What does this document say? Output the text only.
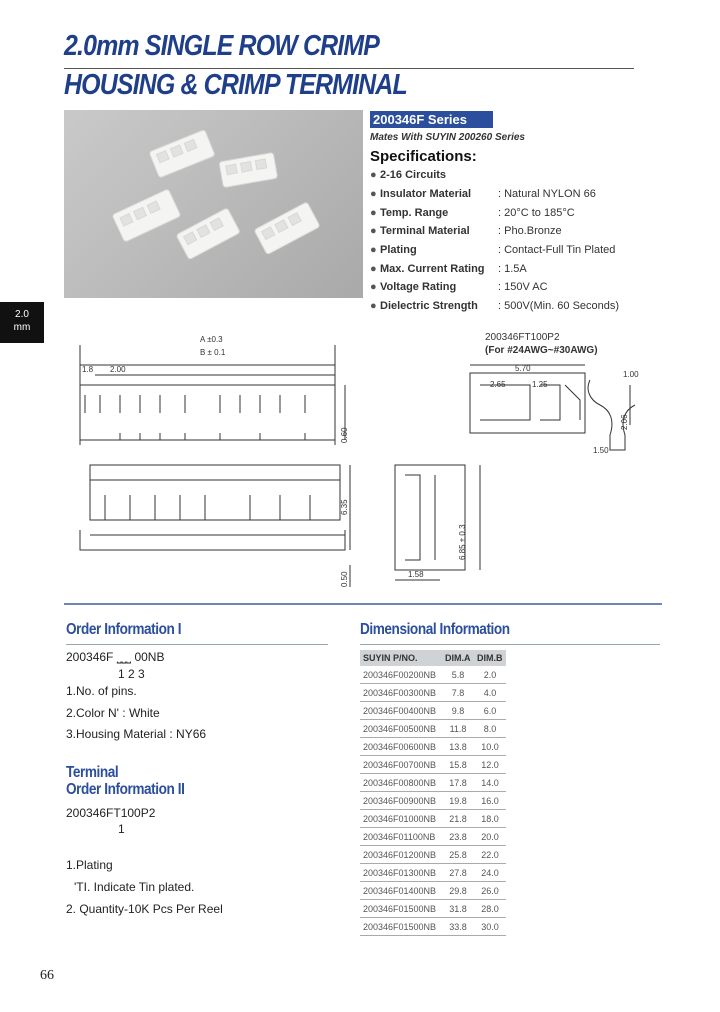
2.0mm SINGLE ROW CRIMP
HOUSING & CRIMP TERMINAL
200346F Series
Mates With SUYIN 200260 Series
Specifications:
● 2-16 Circuits
● Insulator Material : Natural NYLON 66
● Temp. Range	: 20°C to 185°C
● Terminal Material	: Pho.Bronze
● Plating	: Contact-Full Tin Plated
● Max. Current Rating : 1.5A
● Voltage Rating	: 150V AC
● Dielectric Strength : 500V(Min. 60 Seconds)
2.0
mm
A ±0.3
B ± 0.1
1.8 2.00
0.60
6.35
0.50
6.85 ± 0.3
1.58
200346FT100P2
(For #24AWG~#30AWG)
5.70
2.65	1.25
1.00
2.06
1.50
Order Information I
200346F ⎵⎵⎵ 00NB
1 2 3
1.No. of pins.
2.Color N' : White
3.Housing Material : NY66
Terminal
Order Information II
200346FT100P2
1
1.Plating
'TI. Indicate Tin plated.
2. Quantity-10K Pcs Per Reel
Dimensional Information
SUYIN P/NO.	DIM.A	DIM.B
200346F00200NB	5.8	2.0
200346F00300NB	7.8	4.0
200346F00400NB	9.8	6.0
200346F00500NB	11.8	8.0
200346F00600NB	13.8	10.0
200346F00700NB	15.8	12.0
200346F00800NB	17.8	14.0
200346F00900NB	19.8	16.0
200346F01000NB	21.8	18.0
200346F01100NB	23.8	20.0
200346F01200NB	25.8	22.0
200346F01300NB	27.8	24.0
200346F01400NB	29.8	26.0
200346F01500NB	31.8	28.0
200346F01500NB	33.8	30.0
66
